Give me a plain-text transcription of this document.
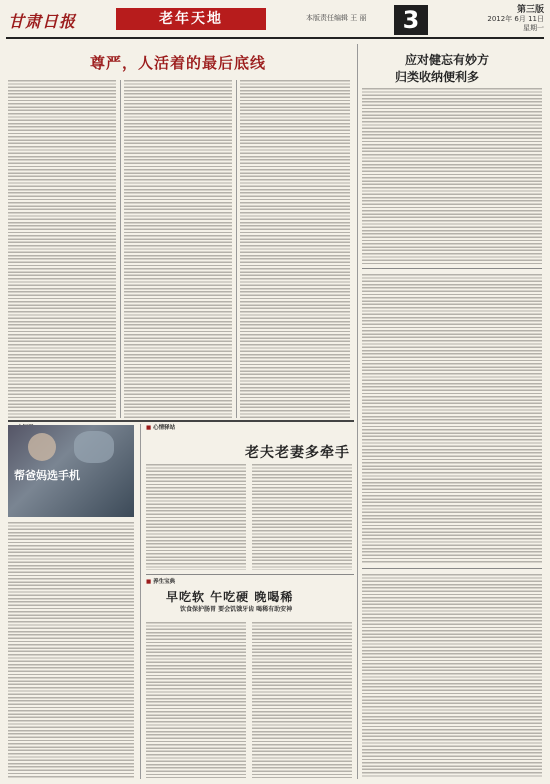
甘肃日报	老年天地	本版责任编辑 王 丽	3	第三版
2012年 6月 11日
星期一
尊严，人活着的最后底线	应对健忘有妙方
归类收纳便利多
■
帮爸妈选手机
■ 心情驿站
老夫老妻多牵手
■ 养生宝典
早吃软 午吃硬 晚喝稀
饮食保护肠胃 要会饥饿牙齿 喝稀有助安神
